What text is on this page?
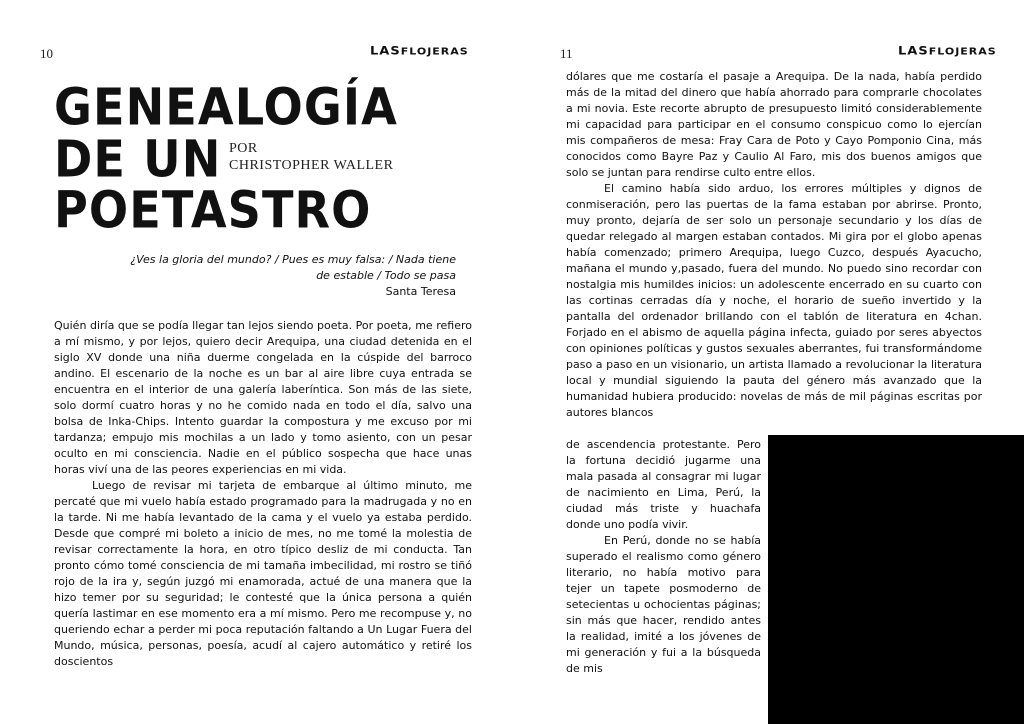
10	LASFLOJERAS
GENEALOGÍA
DE UN
POETASTRO
POR
CHRISTOPHER WALLER
¿Ves la gloria del mundo? / Pues es muy falsa: / Nada tiene de estable / Todo se pasa
Santa Teresa

Quién diría que se podía llegar tan lejos siendo poeta. Por poeta, me refiero a mí mismo, y por lejos, quiero decir Arequipa, una ciudad detenida en el siglo XV donde una niña duerme congelada en la cúspide del barroco andino. El escenario de la noche es un bar al aire libre cuya entrada se encuentra en el interior de una galería laberíntica. Son más de las siete, solo dormí cuatro horas y no he comido nada en todo el día, salvo una bolsa de Inka-Chips. Intento guardar la compostura y me excuso por mi tardanza; empujo mis mochilas a un lado y tomo asiento, con un pesar oculto en mi consciencia. Nadie en el público sospecha que hace unas horas viví una de las peores experiencias en mi vida.

Luego de revisar mi tarjeta de embarque al último minuto, me percaté que mi vuelo había estado programado para la madrugada y no en la tarde. Ni me había levantado de la cama y el vuelo ya estaba perdido. Desde que compré mi boleto a inicio de mes, no me tomé la molestia de revisar correctamente la hora, en otro típico desliz de mi conducta. Tan pronto cómo tomé consciencia de mi tamaña imbecilidad, mi rostro se tiñó rojo de la ira y, según juzgó mi enamorada, actué de una manera que la hizo temer por su seguridad; le contesté que la única persona a quién quería lastimar en ese momento era a mí mismo. Pero me recompuse y, no queriendo echar a perder mi poca reputación faltando a Un Lugar Fuera del Mundo, música, personas, poesía, acudí al cajero automático y retiré los doscientos

11	LASFLOJERAS

dólares que me costaría el pasaje a Arequipa. De la nada, había perdido más de la mitad del dinero que había ahorrado para comprarle chocolates a mi novia. Este recorte abrupto de presupuesto limitó considerablemente mi capacidad para participar en el consumo conspicuo como lo ejercían mis compañeros de mesa: Fray Cara de Poto y Cayo Pomponio Cina, más conocidos como Bayre Paz y Caulio Al Faro, mis dos buenos amigos que solo se juntan para rendirse culto entre ellos.

El camino había sido arduo, los errores múltiples y dignos de conmiseración, pero las puertas de la fama estaban por abrirse. Pronto, muy pronto, dejaría de ser solo un personaje secundario y los días de quedar relegado al margen estaban contados. Mi gira por el globo apenas había comenzado; primero Arequipa, luego Cuzco, después Ayacucho, mañana el mundo y,pasado, fuera del mundo. No puedo sino recordar con nostalgia mis humildes inicios: un adolescente encerrado en su cuarto con las cortinas cerradas día y noche, el horario de sueño invertido y la pantalla del ordenador brillando con el tablón de literatura en 4chan. Forjado en el abismo de aquella página infecta, guiado por seres abyectos con opiniones políticas y gustos sexuales aberrantes, fui transformándome paso a paso en un visionario, un artista llamado a revolucionar la literatura local y mundial siguiendo la pauta del género más avanzado que la humanidad hubiera producido: novelas de más de mil páginas escritas por autores blancos

de ascendencia protestante. Pero la fortuna decidió jugarme una mala pasada al consagrar mi lugar de nacimiento en Lima, Perú, la ciudad más triste y huachafa donde uno podía vivir.

En Perú, donde no se había superado el realismo como género literario, no había motivo para tejer un tapete posmoderno de setecientas u ochocientas páginas; sin más que hacer, rendido antes la realidad, imité a los jóvenes de mi generación y fui a la búsqueda de mis
